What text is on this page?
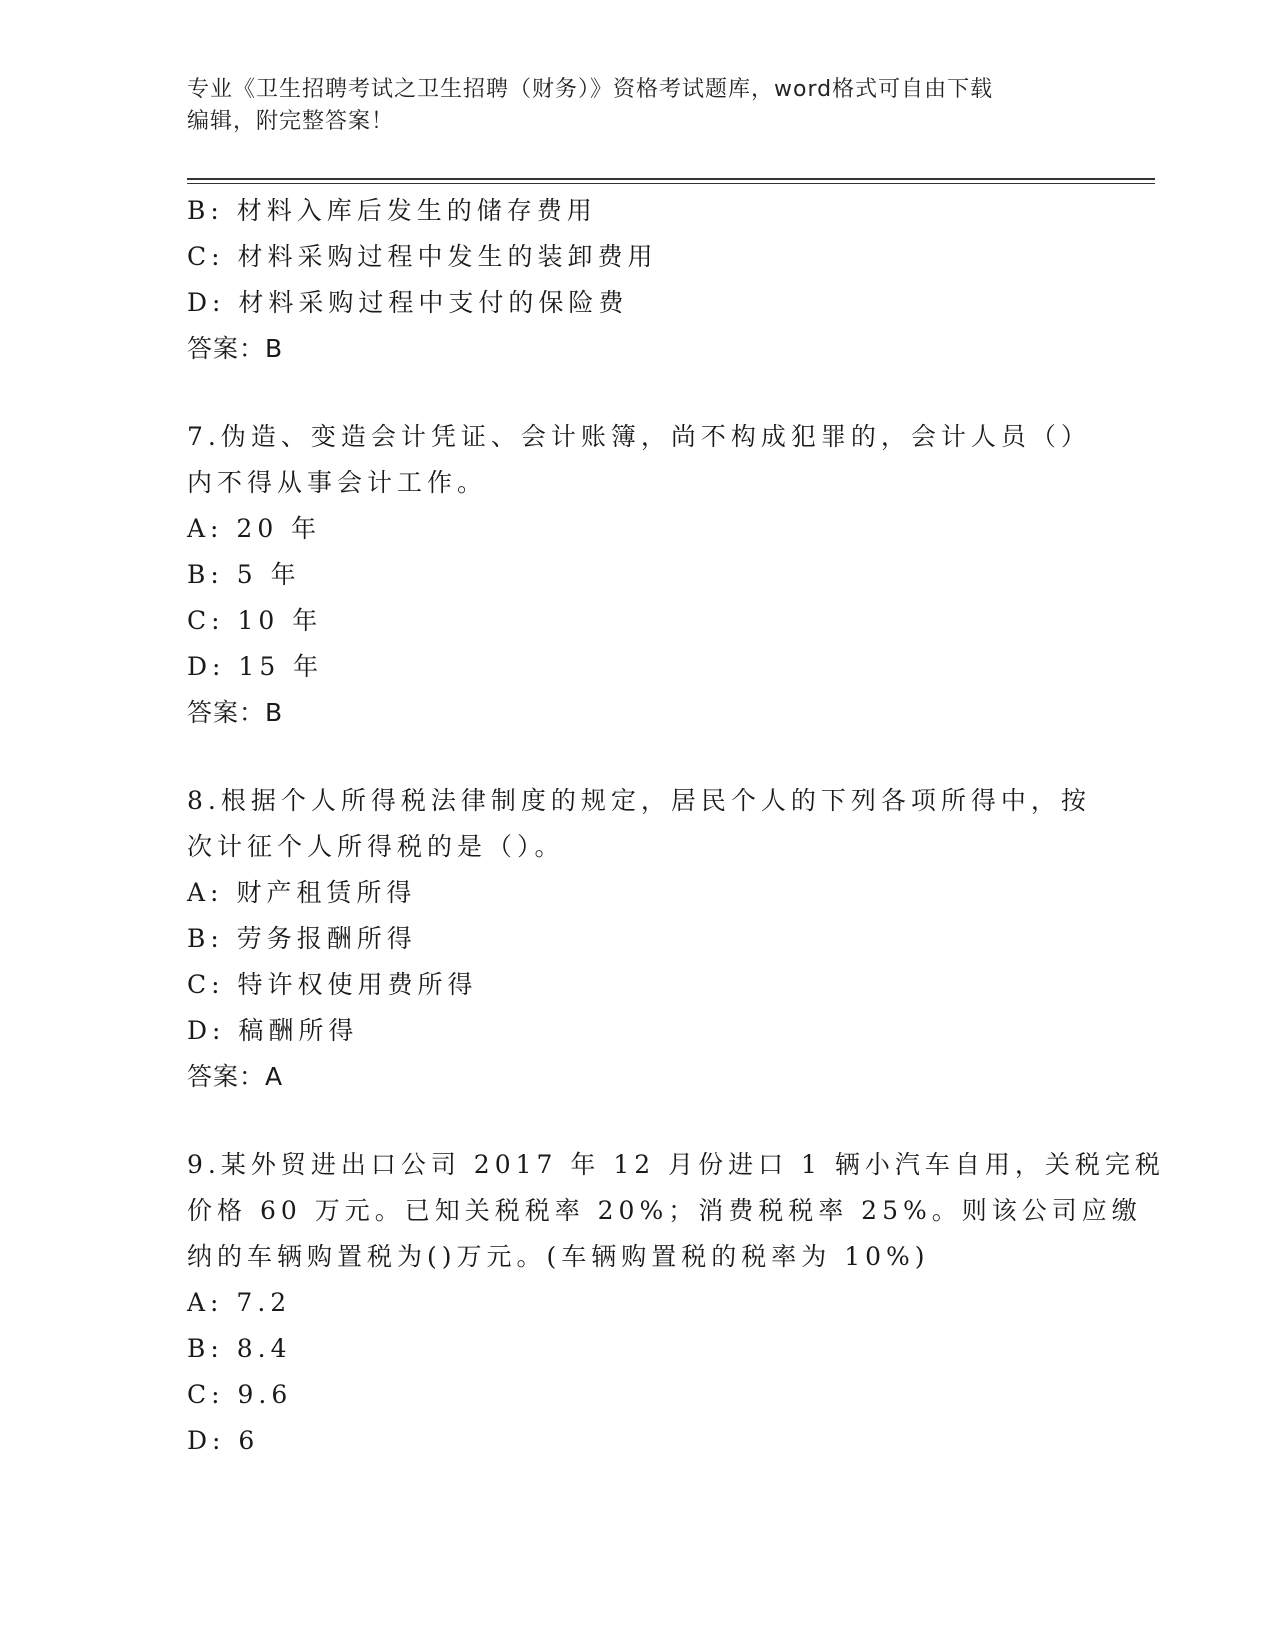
专业《卫生招聘考试之卫生招聘（财务）》资格考试题库，word格式可自由下载
编辑，附完整答案！
B: 材料入库后发生的储存费用
C: 材料采购过程中发生的装卸费用
D: 材料采购过程中支付的保险费
答案：B
7.伪造、变造会计凭证、会计账簿，尚不构成犯罪的，会计人员（）
内不得从事会计工作。
A: 20 年
B: 5 年
C: 10 年
D: 15 年
答案：B
8.根据个人所得税法律制度的规定，居民个人的下列各项所得中，按
次计征个人所得税的是（）。
A: 财产租赁所得
B: 劳务报酬所得
C: 特许权使用费所得
D: 稿酬所得
答案：A
9.某外贸进出口公司 2017 年 12 月份进口 1 辆小汽车自用，关税完税
价格 60 万元。已知关税税率 20%；消费税税率 25%。则该公司应缴
纳的车辆购置税为()万元。(车辆购置税的税率为 10%)
A: 7.2
B: 8.4
C: 9.6
D: 6
